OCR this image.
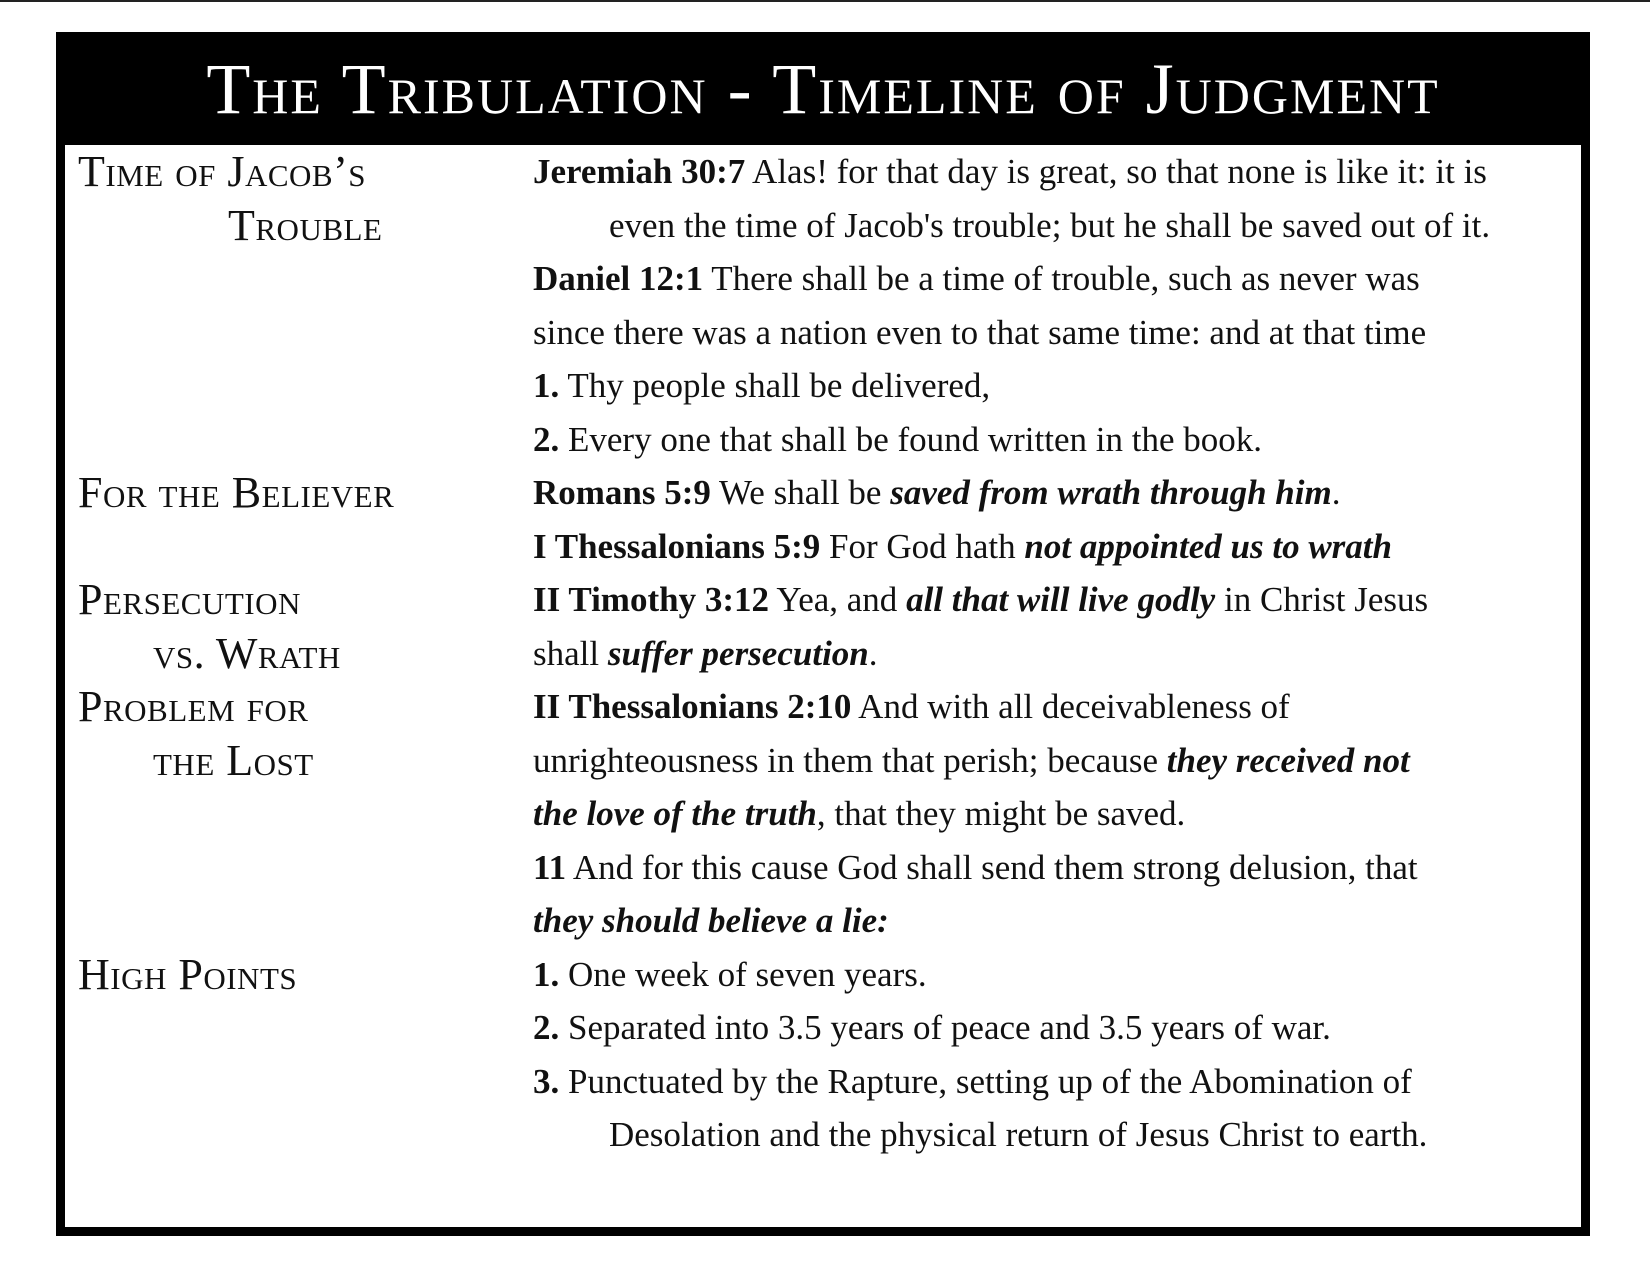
The Tribulation - Timeline of Judgment
Time of Jacob’s
Trouble
Jeremiah 30:7 Alas! for that day is great, so that none is like it: it is
even the time of Jacob's trouble; but he shall be saved out of it.
Daniel 12:1 There shall be a time of trouble, such as never was
since there was a nation even to that same time: and at that time
1. Thy people shall be delivered,
2. Every one that shall be found written in the book.
For the Believer	Romans 5:9 We shall be saved from wrath through him.
I Thessalonians 5:9 For God hath not appointed us to wrath
Persecution
vs. Wrath
II Timothy 3:12 Yea, and all that will live godly in Christ Jesus
shall suffer persecution.
Problem for
the Lost
II Thessalonians 2:10 And with all deceivableness of
unrighteousness in them that perish; because they received not
the love of the truth, that they might be saved.
11 And for this cause God shall send them strong delusion, that
they should believe a lie:
High Points	1. One week of seven years.
2. Separated into 3.5 years of peace and 3.5 years of war.
3. Punctuated by the Rapture, setting up of the Abomination of
Desolation and the physical return of Jesus Christ to earth.
